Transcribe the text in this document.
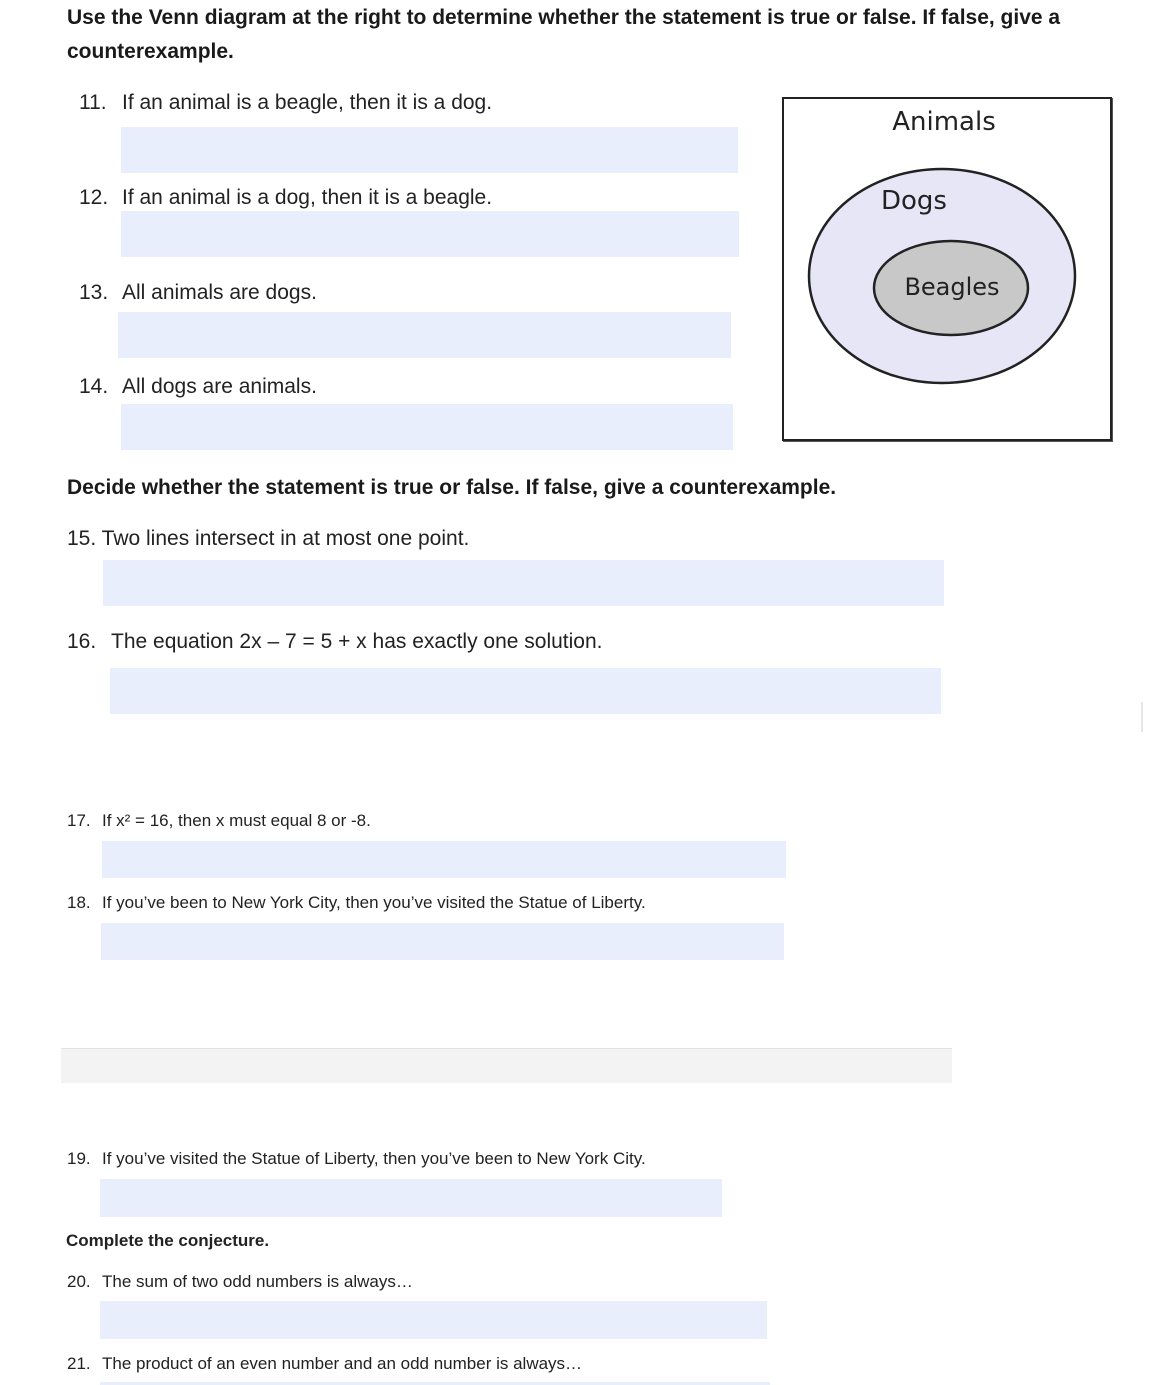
Use the Venn diagram at the right to determine whether the statement is true or false. If false, give a
counterexample.
11. If an animal is a beagle, then it is a dog.
12. If an animal is a dog, then it is a beagle.
13. All animals are dogs.
14. All dogs are animals.
Animals
Dogs
Beagles
Decide whether the statement is true or false. If false, give a counterexample.
15. Two lines intersect in at most one point.
16. The equation 2x – 7 = 5 + x has exactly one solution.
17. If x² = 16, then x must equal 8 or -8.
18. If you’ve been to New York City, then you’ve visited the Statue of Liberty.
19. If you’ve visited the Statue of Liberty, then you’ve been to New York City.
Complete the conjecture.
20. The sum of two odd numbers is always…
21. The product of an even number and an odd number is always…
